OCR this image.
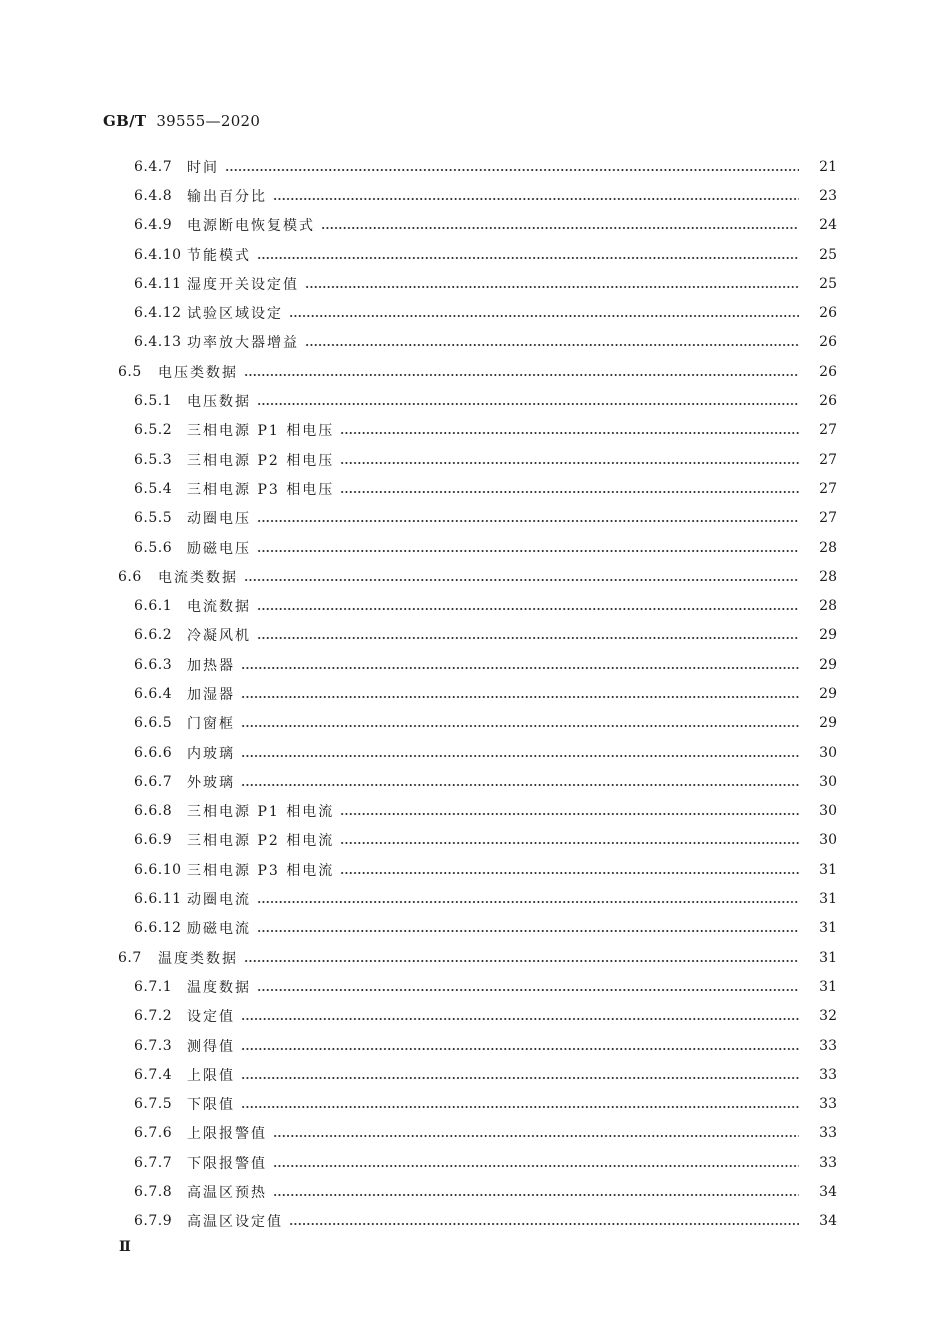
GB/T 39555—2020
6.4.7	时间	21
6.4.8	输出百分比	23
6.4.9	电源断电恢复模式	24
6.4.10 节能模式	25
6.4.11 湿度开关设定值	25
6.4.12 试验区域设定	26
6.4.13 功率放大器增益	26
6.5	电压类数据	26
6.5.1	电压数据	26
6.5.2	三相电源 P1 相电压	27
6.5.3	三相电源 P2 相电压	27
6.5.4	三相电源 P3 相电压	27
6.5.5	动圈电压	27
6.5.6	励磁电压	28
6.6	电流类数据	28
6.6.1	电流数据	28
6.6.2	冷凝风机	29
6.6.3	加热器	29
6.6.4	加湿器	29
6.6.5	门窗框	29
6.6.6	内玻璃	30
6.6.7	外玻璃	30
6.6.8	三相电源 P1 相电流	30
6.6.9	三相电源 P2 相电流	30
6.6.10 三相电源 P3 相电流	31
6.6.11 动圈电流	31
6.6.12 励磁电流	31
6.7	温度类数据	31
6.7.1	温度数据	31
6.7.2	设定值	32
6.7.3	测得值	33
6.7.4	上限值	33
6.7.5	下限值	33
6.7.6	上限报警值	33
6.7.7	下限报警值	33
6.7.8	高温区预热	34
6.7.9	高温区设定值	34
Ⅱ
